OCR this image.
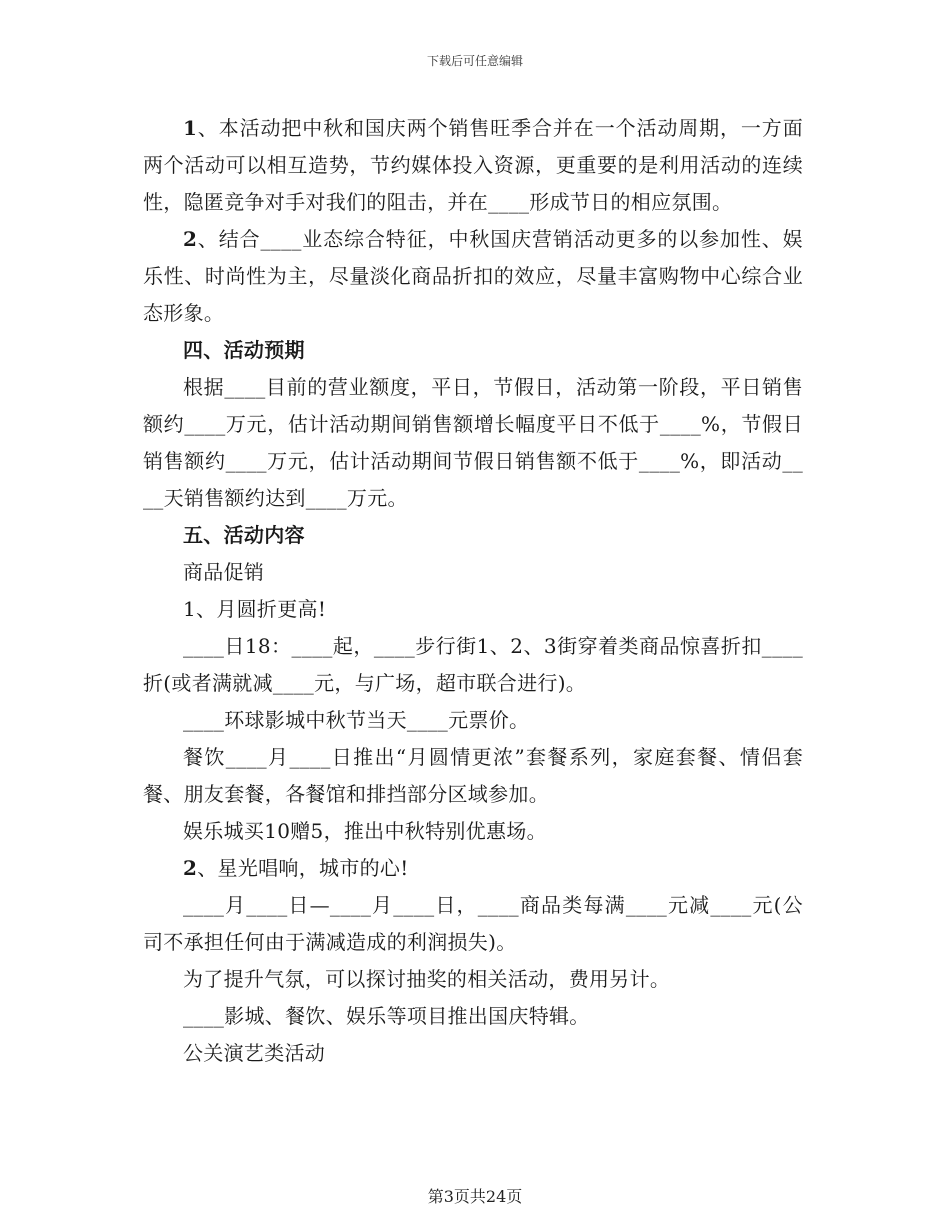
下载后可任意编辑

1、本活动把中秋和国庆两个销售旺季合并在一个活动周期，一方面两个活动可以相互造势，节约媒体投入资源，更重要的是利用活动的连续性，隐匿竞争对手对我们的阻击，并在____形成节日的相应氛围。

2、结合____业态综合特征，中秋国庆营销活动更多的以参加性、娱乐性、时尚性为主，尽量淡化商品折扣的效应，尽量丰富购物中心综合业态形象。

四、活动预期

根据____目前的营业额度，平日，节假日，活动第一阶段，平日销售额约____万元，估计活动期间销售额增长幅度平日不低于____%，节假日销售额约____万元，估计活动期间节假日销售额不低于____%，即活动____天销售额约达到____万元。

五、活动内容

商品促销

1、月圆折更高!

____日18：____起，____步行街1、2、3街穿着类商品惊喜折扣____折(或者满就减____元，与广场，超市联合进行)。

____环球影城中秋节当天____元票价。

餐饮____月____日推出“月圆情更浓”套餐系列，家庭套餐、情侣套餐、朋友套餐，各餐馆和排挡部分区域参加。

娱乐城买10赠5，推出中秋特别优惠场。

2、星光唱响，城市的心!

____月____日—____月____日，____商品类每满____元减____元(公司不承担任何由于满减造成的利润损失)。

为了提升气氛，可以探讨抽奖的相关活动，费用另计。

____影城、餐饮、娱乐等项目推出国庆特辑。

公关演艺类活动

第3页共24页
